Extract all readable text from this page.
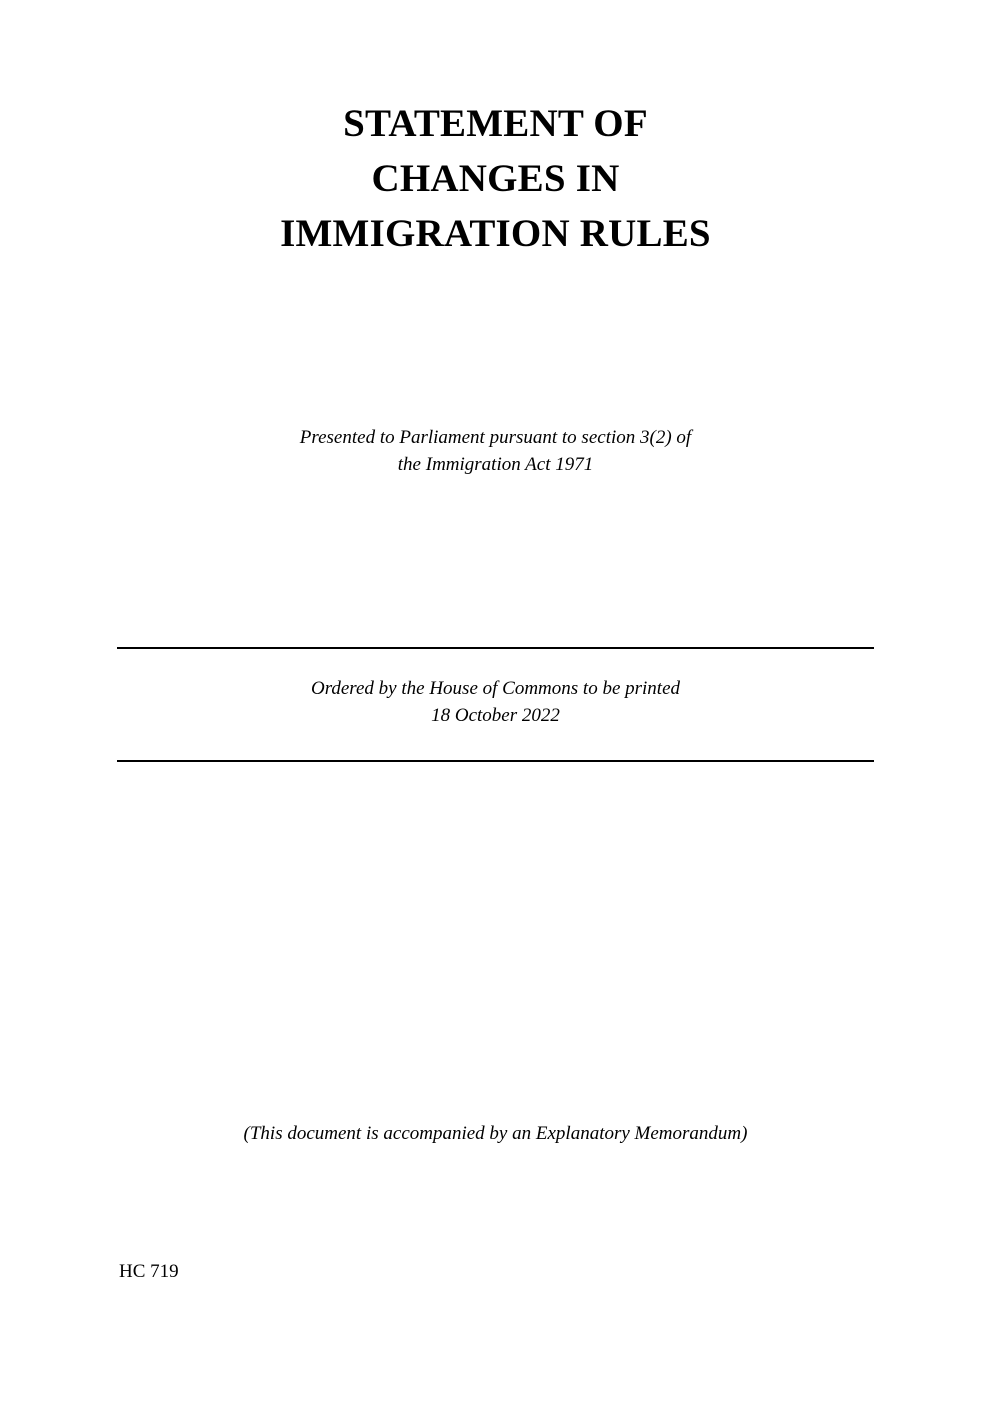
STATEMENT OF
CHANGES IN
IMMIGRATION RULES
Presented to Parliament pursuant to section 3(2) of
the Immigration Act 1971
Ordered by the House of Commons to be printed
18 October 2022
(This document is accompanied by an Explanatory Memorandum)
HC 719
